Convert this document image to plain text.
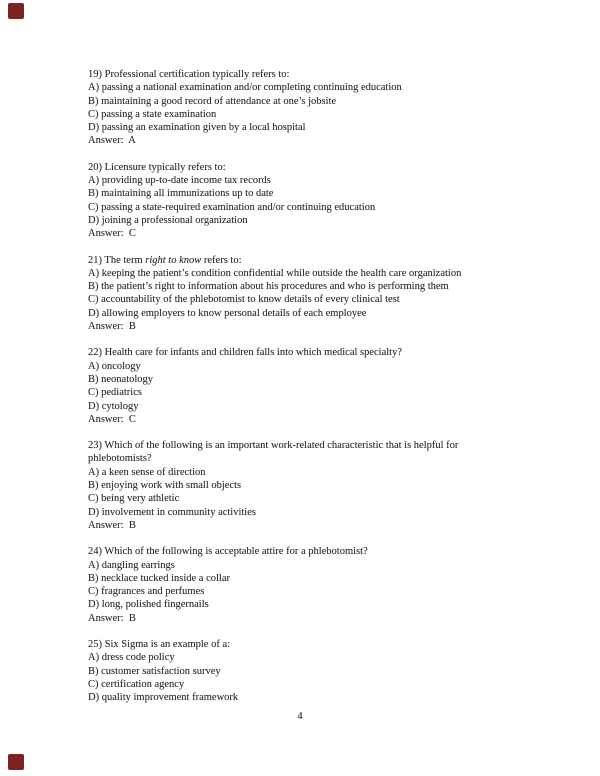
19) Professional certification typically refers to:
A) passing a national examination and/or completing continuing education
B) maintaining a good record of attendance at one’s jobsite
C) passing a state examination
D) passing an examination given by a local hospital
Answer:  A
20) Licensure typically refers to:
A) providing up-to-date income tax records
B) maintaining all immunizations up to date
C) passing a state-required examination and/or continuing education
D) joining a professional organization
Answer:  C
21) The term right to know refers to:
A) keeping the patient’s condition confidential while outside the health care organization
B) the patient’s right to information about his procedures and who is performing them
C) accountability of the phlebotomist to know details of every clinical test
D) allowing employers to know personal details of each employee
Answer:  B
22) Health care for infants and children falls into which medical specialty?
A) oncology
B) neonatology
C) pediatrics
D) cytology
Answer:  C
23) Which of the following is an important work-related characteristic that is helpful for
phlebotomists?
A) a keen sense of direction
B) enjoying work with small objects
C) being very athletic
D) involvement in community activities
Answer:  B
24) Which of the following is acceptable attire for a phlebotomist?
A) dangling earrings
B) necklace tucked inside a collar
C) fragrances and perfumes
D) long, polished fingernails
Answer:  B
25) Six Sigma is an example of a:
A) dress code policy
B) customer satisfaction survey
C) certification agency
D) quality improvement framework
4
